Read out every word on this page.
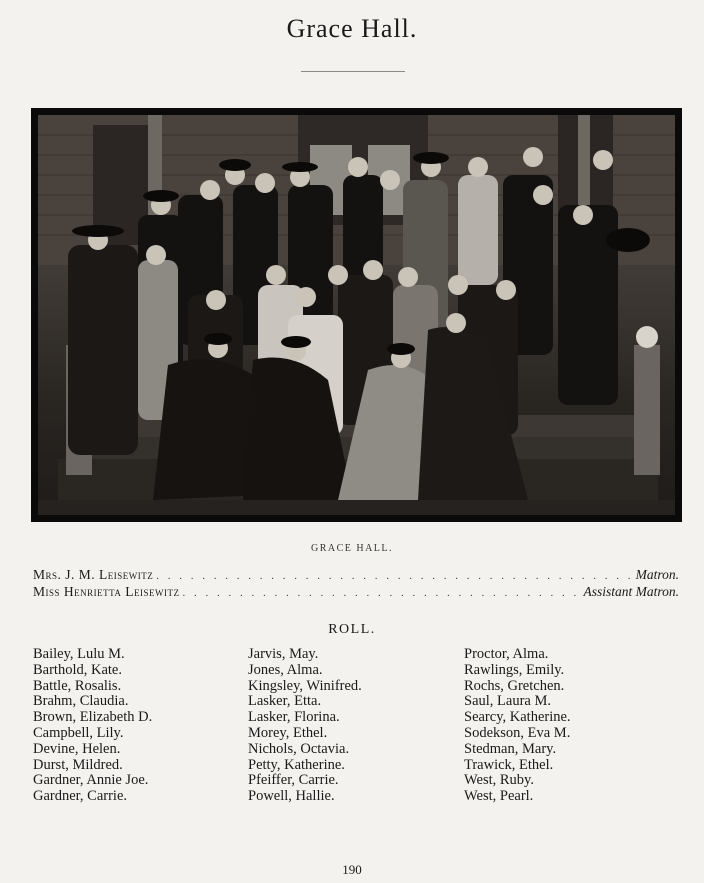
Grace Hall.
GRACE HALL.
Mrs. J. M. Leisewitz . . .	Matron.
Miss Henrietta Leisewitz . . .	Assistant Matron.
ROLL.
Bailey, Lulu M.
Barthold, Kate.
Battle, Rosalis.
Brahm, Claudia.
Brown, Elizabeth D.
Campbell, Lily.
Devine, Helen.
Durst, Mildred.
Gardner, Annie Joe.
Gardner, Carrie.
Jarvis, May.
Jones, Alma.
Kingsley, Winifred.
Lasker, Etta.
Lasker, Florina.
Morey, Ethel.
Nichols, Octavia.
Petty, Katherine.
Pfeiffer, Carrie.
Powell, Hallie.
Proctor, Alma.
Rawlings, Emily.
Rochs, Gretchen.
Saul, Laura M.
Searcy, Katherine.
Sodekson, Eva M.
Stedman, Mary.
Trawick, Ethel.
West, Ruby.
West, Pearl.
190
